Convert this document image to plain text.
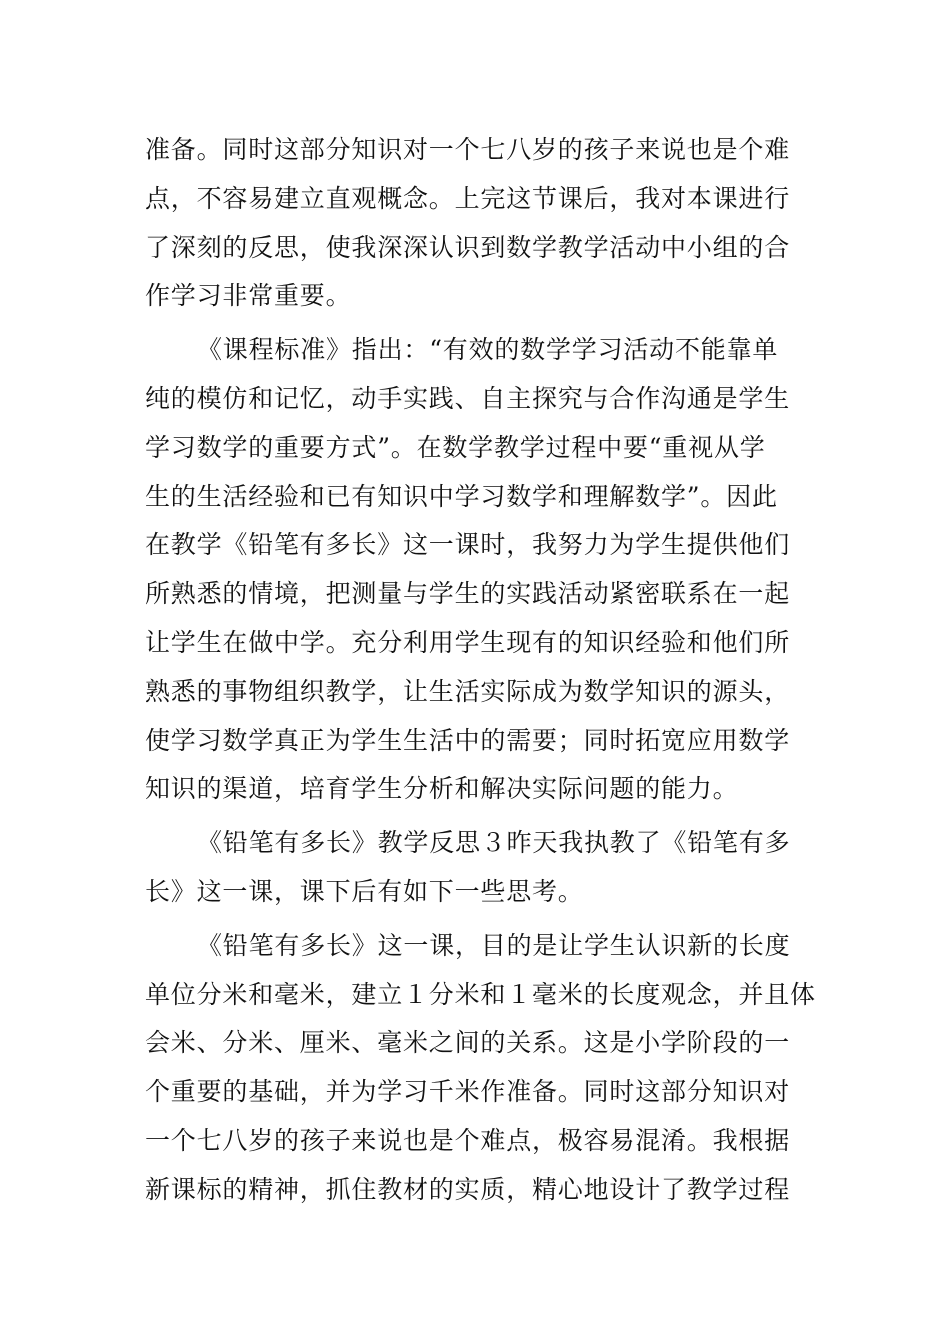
准备。同时这部分知识对一个七八岁的孩子来说也是个难
点，不容易建立直观概念。上完这节课后，我对本课进行
了深刻的反思，使我深深认识到数学教学活动中小组的合
作学习非常重要。
《课程标准》指出：“有效的数学学习活动不能靠单
纯的模仿和记忆，动手实践、自主探究与合作沟通是学生
学习数学的重要方式”。在数学教学过程中要“重视从学
生的生活经验和已有知识中学习数学和理解数学”。因此
在教学《铅笔有多长》这一课时，我努力为学生提供他们
所熟悉的情境，把测量与学生的实践活动紧密联系在一起
让学生在做中学。充分利用学生现有的知识经验和他们所
熟悉的事物组织教学，让生活实际成为数学知识的源头，
使学习数学真正为学生生活中的需要；同时拓宽应用数学
知识的渠道，培育学生分析和解决实际问题的能力。
《铅笔有多长》教学反思３昨天我执教了《铅笔有多
长》这一课，课下后有如下一些思考。
《铅笔有多长》这一课，目的是让学生认识新的长度
单位分米和毫米，建立１分米和１毫米的长度观念，并且体
会米、分米、厘米、毫米之间的关系。这是小学阶段的一
个重要的基础，并为学习千米作准备。同时这部分知识对
一个七八岁的孩子来说也是个难点，极容易混淆。我根据
新课标的精神，抓住教材的实质，精心地设计了教学过程
